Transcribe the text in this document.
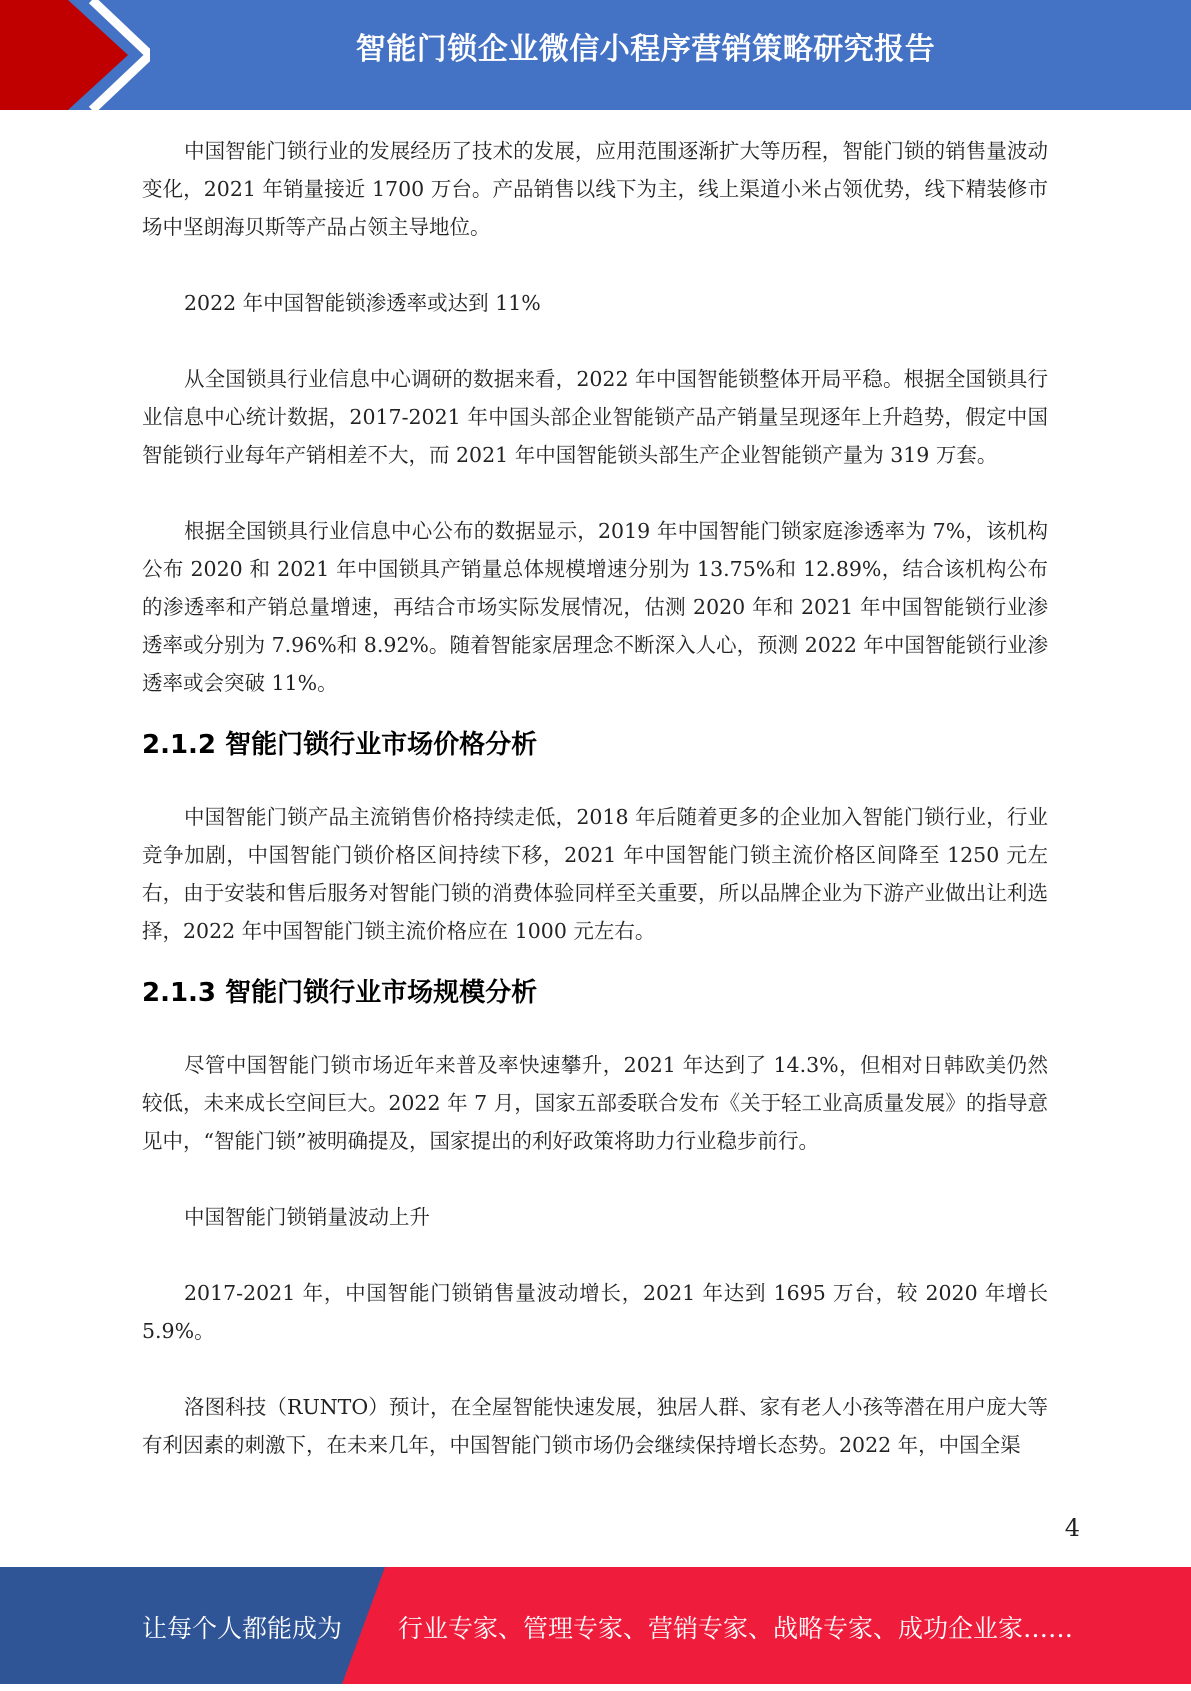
智能门锁企业微信小程序营销策略研究报告

中国智能门锁行业的发展经历了技术的发展，应用范围逐渐扩大等历程，智能门锁的销售量波动变化，2021 年销量接近 1700 万台。产品销售以线下为主，线上渠道小米占领优势，线下精装修市场中坚朗海贝斯等产品占领主导地位。

2022 年中国智能锁渗透率或达到 11%

从全国锁具行业信息中心调研的数据来看，2022 年中国智能锁整体开局平稳。根据全国锁具行业信息中心统计数据，2017-2021 年中国头部企业智能锁产品产销量呈现逐年上升趋势，假定中国智能锁行业每年产销相差不大，而 2021 年中国智能锁头部生产企业智能锁产量为 319 万套。

根据全国锁具行业信息中心公布的数据显示，2019 年中国智能门锁家庭渗透率为 7%，该机构公布 2020 和 2021 年中国锁具产销量总体规模增速分别为 13.75%和 12.89%，结合该机构公布的渗透率和产销总量增速，再结合市场实际发展情况，估测 2020 年和 2021 年中国智能锁行业渗透率或分别为 7.96%和 8.92%。随着智能家居理念不断深入人心，预测 2022 年中国智能锁行业渗透率或会突破 11%。

2.1.2 智能门锁行业市场价格分析

中国智能门锁产品主流销售价格持续走低，2018 年后随着更多的企业加入智能门锁行业，行业竞争加剧，中国智能门锁价格区间持续下移，2021 年中国智能门锁主流价格区间降至 1250 元左右，由于安装和售后服务对智能门锁的消费体验同样至关重要，所以品牌企业为下游产业做出让利选择，2022 年中国智能门锁主流价格应在 1000 元左右。

2.1.3 智能门锁行业市场规模分析

尽管中国智能门锁市场近年来普及率快速攀升，2021 年达到了 14.3%，但相对日韩欧美仍然较低，未来成长空间巨大。2022 年 7 月，国家五部委联合发布《关于轻工业高质量发展》的指导意见中，“智能门锁”被明确提及，国家提出的利好政策将助力行业稳步前行。

中国智能门锁销量波动上升

2017-2021 年，中国智能门锁销售量波动增长，2021 年达到 1695 万台，较 2020 年增长 5.9%。

洛图科技（RUNTO）预计，在全屋智能快速发展，独居人群、家有老人小孩等潜在用户庞大等有利因素的刺激下，在未来几年，中国智能门锁市场仍会继续保持增长态势。2022 年，中国全渠

4
让每个人都能成为 行业专家、管理专家、营销专家、战略专家、成功企业家……
